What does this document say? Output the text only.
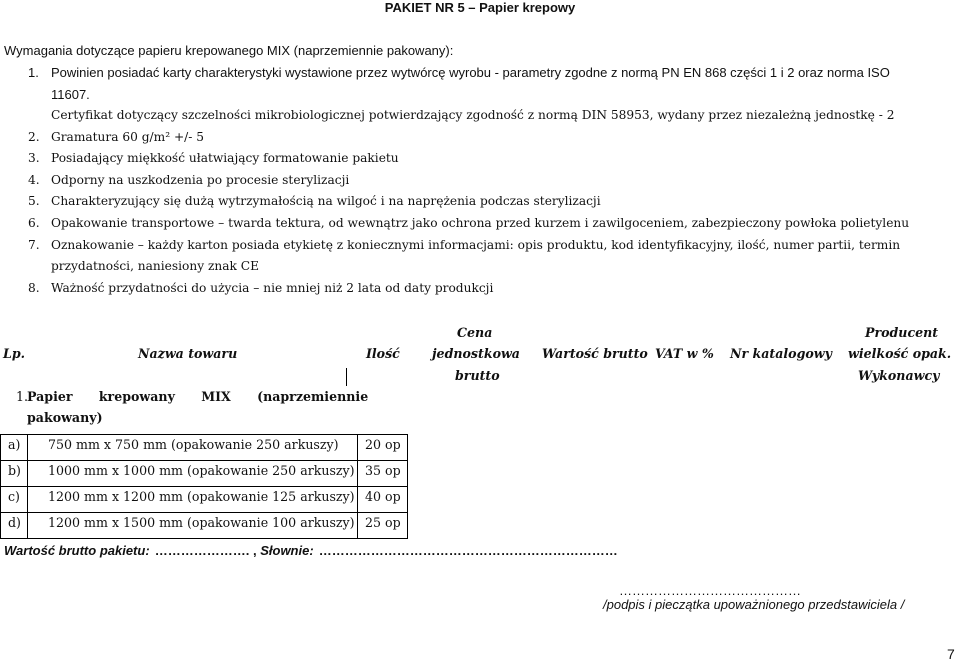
PAKIET NR 5 – Papier krepowy
Wymagania dotyczące papieru krepowanego MIX (naprzemiennie pakowany):
1. Powinien posiadać karty charakterystyki wystawione przez wytwórcę wyrobu - parametry zgodne z normą PN EN 868 części 1 i 2 oraz norma ISO
11607.
Certyfikat dotyczący szczelności mikrobiologicznej potwierdzający zgodność z normą DIN 58953, wydany przez niezależną jednostkę - 2
2. Gramatura 60 g/m² +/- 5
3. Posiadający miękkość ułatwiający formatowanie pakietu
4. Odporny na uszkodzenia po procesie sterylizacji
5. Charakteryzujący się dużą wytrzymałością na wilgoć i na naprężenia podczas sterylizacji
6. Opakowanie transportowe – twarda tektura, od wewnątrz jako ochrona przed kurzem i zawilgoceniem, zabezpieczony powłoka polietylenu
7. Oznakowanie – każdy karton posiada etykietę z koniecznymi informacjami: opis produktu, kod identyfikacyjny, ilość, numer partii, termin
przydatności, naniesiony znak CE
8. Ważność przydatności do użycia – nie mniej niż 2 lata od daty produkcji
Lp.	Nazwa towaru	Ilość
Cena
jednostkowa
brutto
Wartość brutto VAT w % Nr katalogowy
Producent
wielkość opak.
Wykonawcy
1.
Papier      krepowany      MIX      (naprzemiennie
pakowany)
a) 750 mm x 750 mm (opakowanie 250 arkuszy) 20 op
b) 1000 mm x 1000 mm (opakowanie 250 arkuszy) 35 op
c) 1200 mm x 1200 mm (opakowanie 125 arkuszy) 40 op
d) 1200 mm x 1500 mm (opakowanie 100 arkuszy) 25 op
Wartość brutto pakietu: …………………. , Słownie: ……………………………………………………………
……………………………………
/podpis i pieczątka upoważnionego przedstawiciela /
7
